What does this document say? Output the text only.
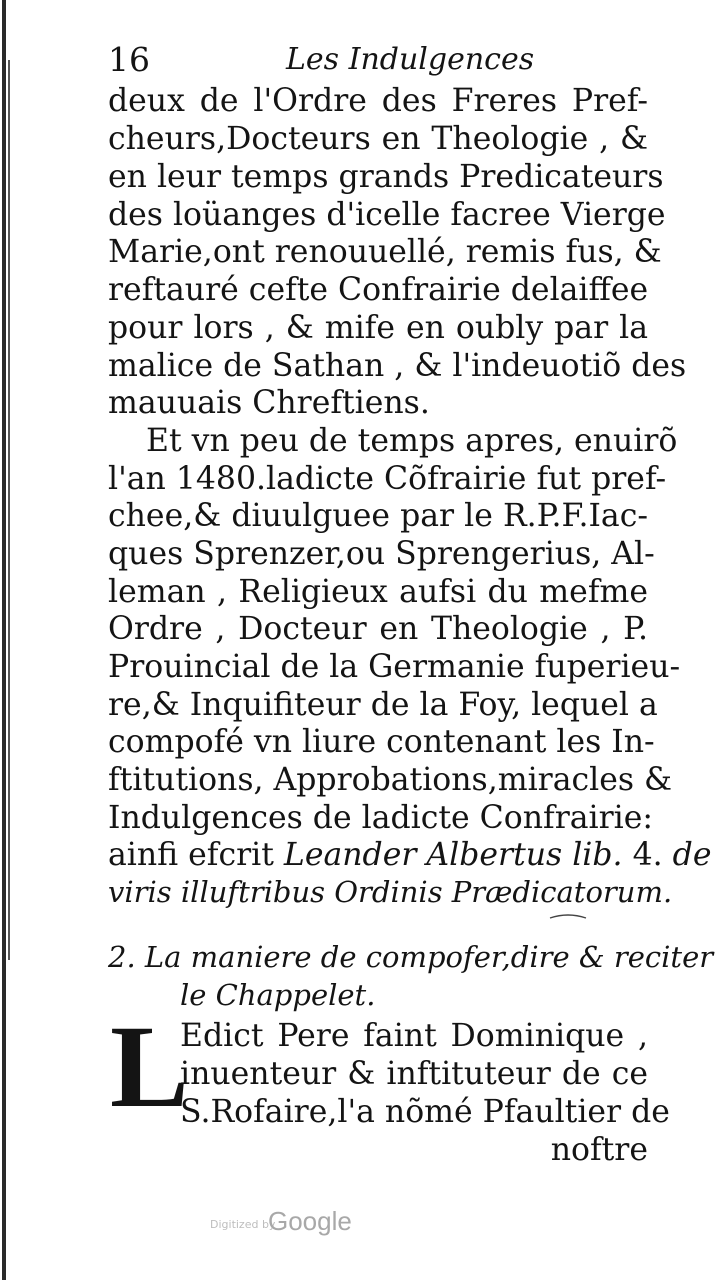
16	Les Indulgences
deux de l'Ordre des Freres Pref-
cheurs,Docteurs en Theologie , &
en leur temps grands Predicateurs
des loüanges d'icelle facree Vierge
Marie,ont renouuellé, remis fus, &
reftauré cefte Confrairie delaiffee
pour lors , & mife en oubly par la
malice de Sathan , & l'indeuotiõ des
mauuais Chreftiens.
Et vn peu de temps apres, enuirõ
l'an 1480.ladicte Cõfrairie fut pref-
chee,& diuulguee par le R.P.F.Iac-
ques Sprenzer,ou Sprengerius, Al-
leman , Religieux aufsi du mefme
Ordre , Docteur en Theologie , P.
Prouincial de la Germanie fuperieu-
re,& Inquifiteur de la Foy, lequel a
compofé vn liure contenant les In-
ftitutions, Approbations,miracles &
Indulgences de ladicte Confrairie:
ainfi efcrit Leander Albertus lib. 4. de
viris illuftribus Ordinis Prædicatorum.
2. La maniere de compofer,dire & reciter
le Chappelet.
L
Edict Pere faint Dominique ,
inuenteur & inftituteur de ce
S.Rofaire,l'a nõmé Pfaultier de
noftre
Digitized by
Google
